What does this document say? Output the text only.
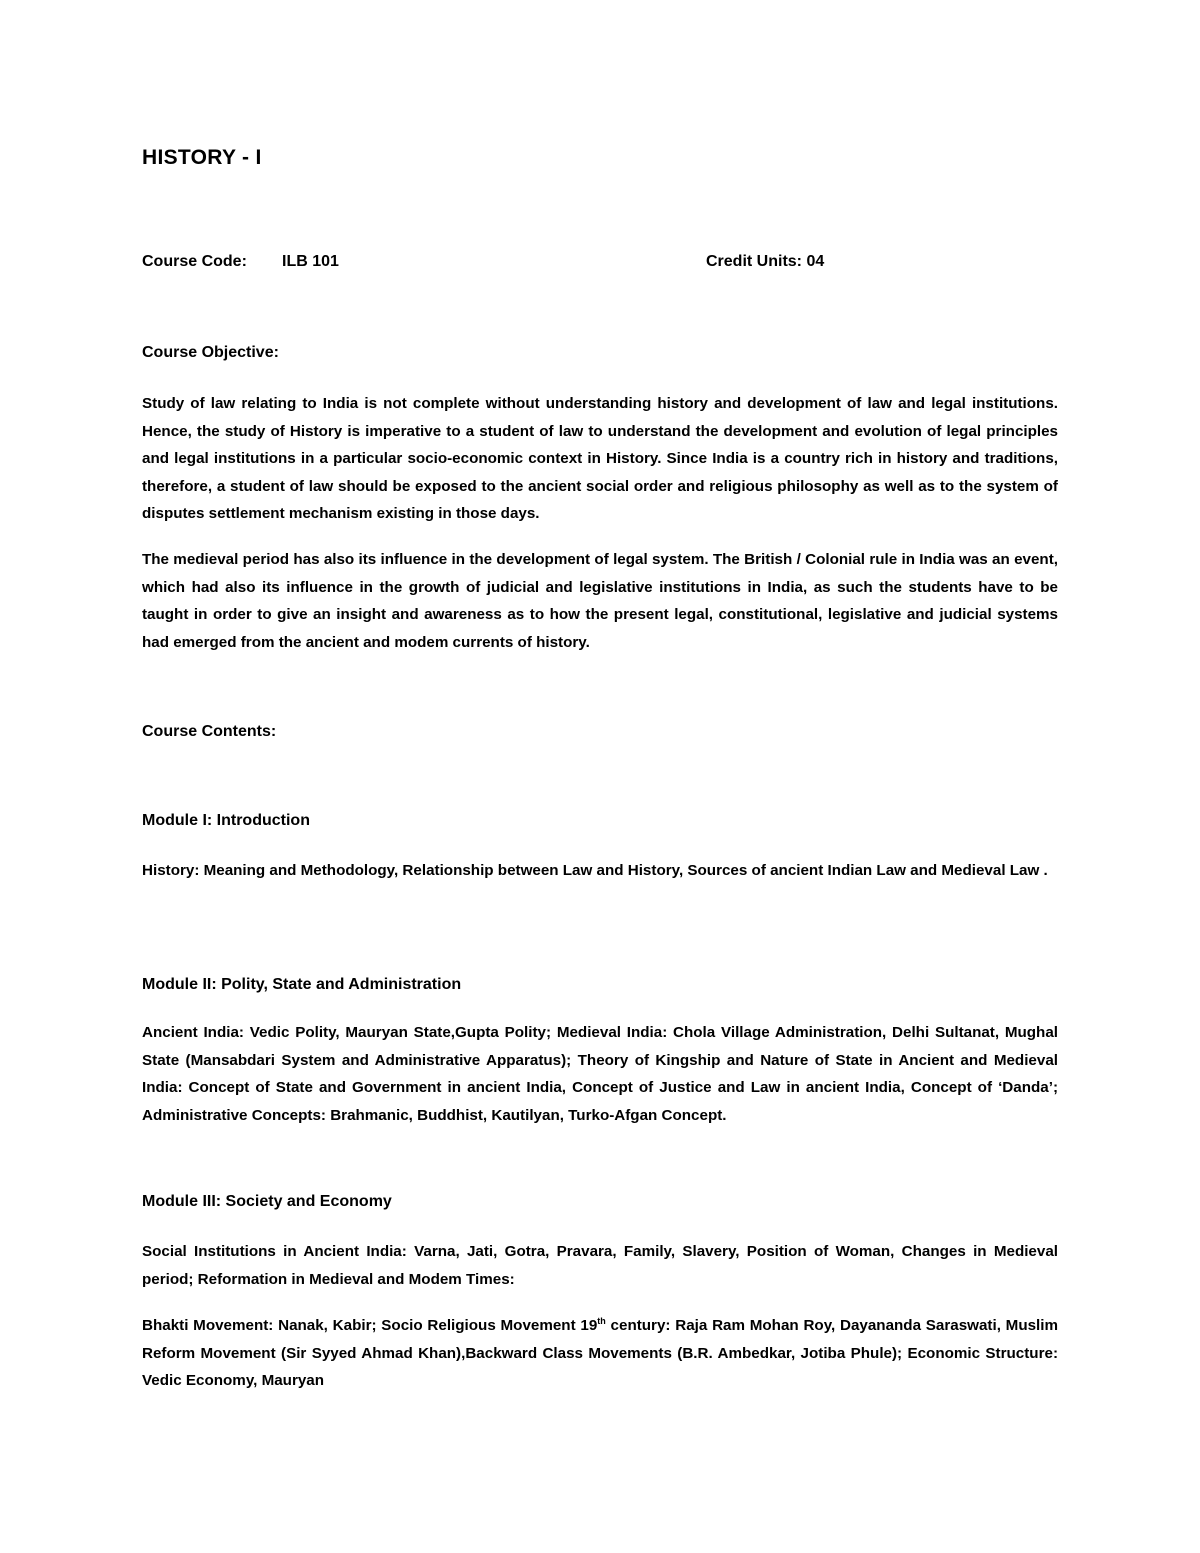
HISTORY - I
Course Code: ILB 101	Credit Units: 04
Course Objective:

Study of law relating to India is not complete without understanding history and development of law and legal institutions. Hence, the study of History is imperative to a student of law to understand the development and evolution of legal principles and legal institutions in a particular socio-economic context in History. Since India is a country rich in history and traditions, therefore, a student of law should be exposed to the ancient social order and religious philosophy as well as to the system of disputes settlement mechanism existing in those days.

The medieval period has also its influence in the development of legal system. The British / Colonial rule in India was an event, which had also its influence in the growth of judicial and legislative institutions in India, as such the students have to be taught in order to give an insight and awareness as to how the present legal, constitutional, legislative and judicial systems had emerged from the ancient and modem currents of history.

Course Contents:
Module I: Introduction

History: Meaning and Methodology, Relationship between Law and History, Sources of ancient Indian Law and Medieval Law .

Module II: Polity, State and Administration

Ancient India: Vedic Polity, Mauryan State,Gupta Polity; Medieval India: Chola Village Administration, Delhi Sultanat, Mughal State (Mansabdari System and Administrative Apparatus); Theory of Kingship and Nature of State in Ancient and Medieval India: Concept of State and Government in ancient India, Concept of Justice and Law in ancient India, Concept of ‘Danda’; Administrative Concepts: Brahmanic, Buddhist, Kautilyan, Turko-Afgan Concept.

Module III: Society and Economy

Social Institutions in Ancient India: Varna, Jati, Gotra, Pravara, Family, Slavery, Position of Woman, Changes in Medieval period; Reformation in Medieval and Modem Times:

Bhakti Movement: Nanak, Kabir; Socio Religious Movement 19th century: Raja Ram Mohan Roy, Dayananda Saraswati, Muslim Reform Movement (Sir Syyed Ahmad Khan),Backward Class Movements (B.R. Ambedkar, Jotiba Phule); Economic Structure: Vedic Economy, Mauryan
